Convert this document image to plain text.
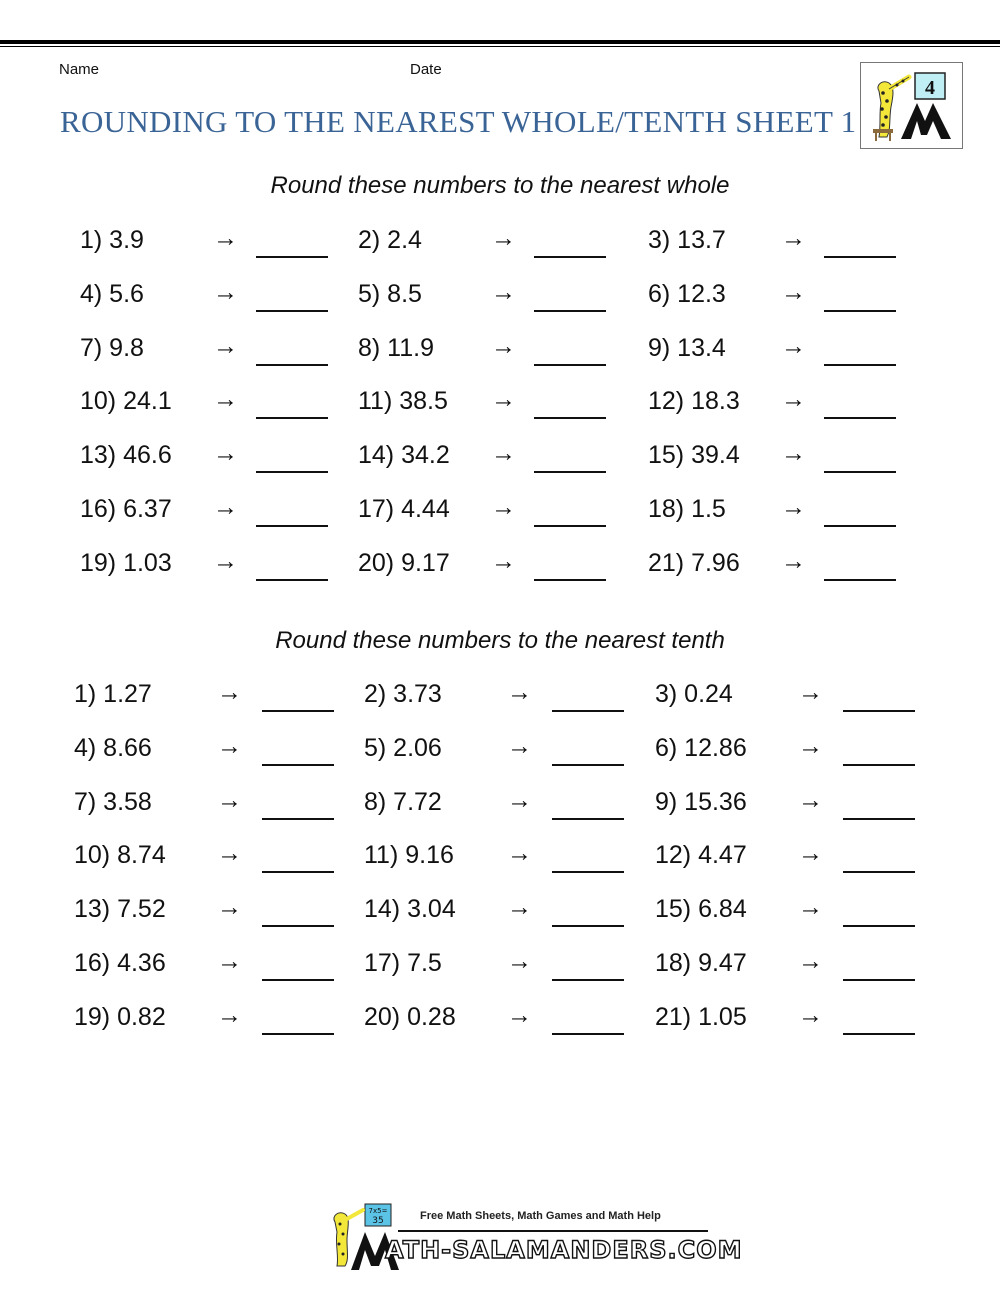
Name	Date
ROUNDING TO THE NEAREST WHOLE/TENTH SHEET 1
4
Round these numbers to the nearest whole
1) 3.9	→	2) 2.4	→	3) 13.7 →
4) 5.6	→	5) 8.5	→	6) 12.3 →
7) 9.8	→	8) 11.9 →	9) 13.4 →
10) 24.1 →	11) 38.5 →	12) 18.3 →
13) 46.6 →	14) 34.2 →	15) 39.4 →
16) 6.37 →	17) 4.44 →	18) 1.5 →
19) 1.03 →	20) 9.17 →	21) 7.96 →
Round these numbers to the nearest tenth
1) 1.27	→	2) 3.73	→	3) 0.24	→
4) 8.66	→	5) 2.06	→	6) 12.86 →
7) 3.58	→	8) 7.72	→	9) 15.36 →
10) 8.74 →	11) 9.16 →	12) 4.47 →
13) 7.52 →	14) 3.04 →	15) 6.84 →
16) 4.36 →	17) 7.5	→	18) 9.47 →
19) 0.82 →	20) 0.28 →	21) 1.05 →
7x5=
35	Free Math Sheets, Math Games and Math Help
ATH-SALAMANDERS.COM
